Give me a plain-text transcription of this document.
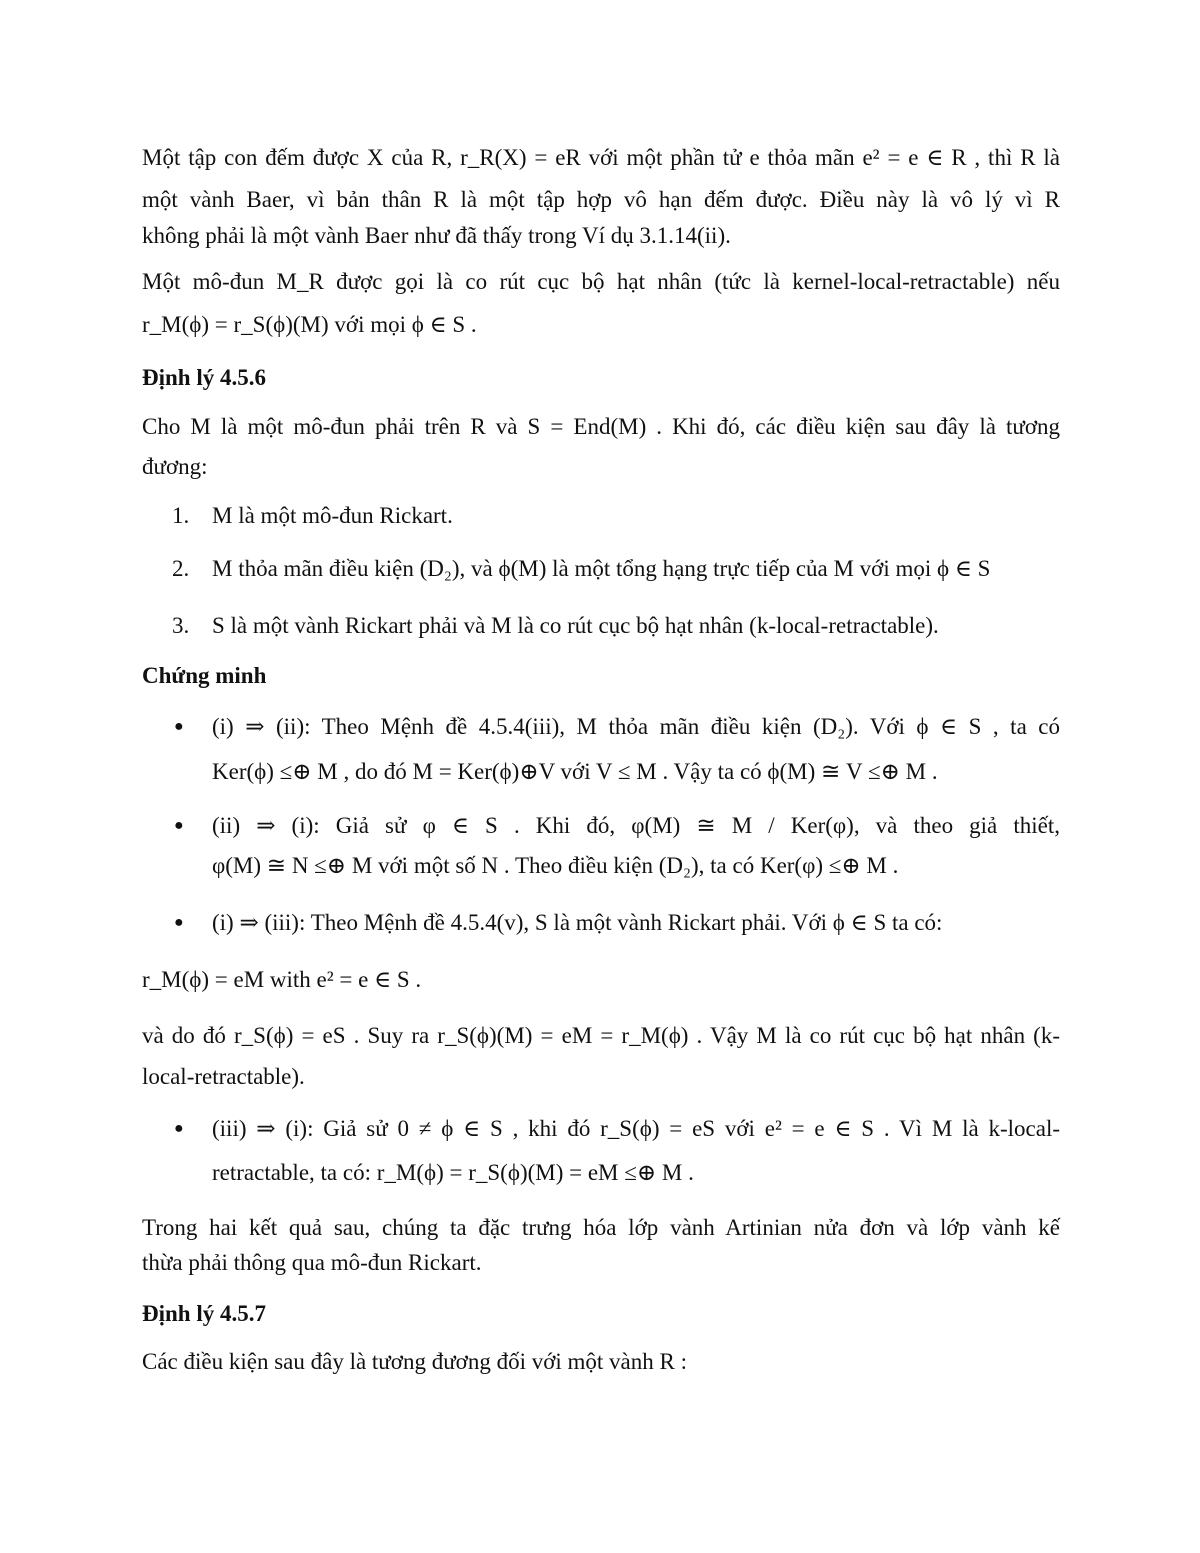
Một tập con đếm được X của R, r_R(X) = eR với một phần tử e thỏa mãn e² = e ∈ R , thì R là
một vành Baer, vì bản thân R là một tập hợp vô hạn đếm được. Điều này là vô lý vì R
không phải là một vành Baer như đã thấy trong Ví dụ 3.1.14(ii).
Một mô-đun M_R được gọi là co rút cục bộ hạt nhân (tức là kernel-local-retractable) nếu
r_M(ϕ) = r_S(ϕ)(M) với mọi ϕ ∈ S .
Định lý 4.5.6
Cho M là một mô-đun phải trên R và S = End(M) . Khi đó, các điều kiện sau đây là tương
đương:
1. M là một mô-đun Rickart.
2. M thỏa mãn điều kiện (D₂), và ϕ(M) là một tổng hạng trực tiếp của M với mọi ϕ ∈ S
3. S là một vành Rickart phải và M là co rút cục bộ hạt nhân (k-local-retractable).
Chứng minh
● (i) ⇒ (ii): Theo Mệnh đề 4.5.4(iii), M thỏa mãn điều kiện (D₂). Với ϕ ∈ S , ta có
Ker(ϕ) ≤⊕ M , do đó M = Ker(ϕ)⊕V với V ≤ M . Vậy ta có ϕ(M) ≅ V ≤⊕ M .
● (ii) ⇒ (i): Giả sử φ ∈ S . Khi đó, φ(M) ≅ M / Ker(φ), và theo giả thiết,
φ(M) ≅ N ≤⊕ M với một số N . Theo điều kiện (D₂), ta có Ker(φ) ≤⊕ M .
● (i) ⇒ (iii): Theo Mệnh đề 4.5.4(v), S là một vành Rickart phải. Với ϕ ∈ S ta có:
r_M(ϕ) = eM with e² = e ∈ S .
và do đó r_S(ϕ) = eS . Suy ra r_S(ϕ)(M) = eM = r_M(ϕ) . Vậy M là co rút cục bộ hạt nhân (k-
local-retractable).
● (iii) ⇒ (i): Giả sử 0 ≠ ϕ ∈ S , khi đó r_S(ϕ) = eS với e² = e ∈ S . Vì M là k-local-
retractable, ta có: r_M(ϕ) = r_S(ϕ)(M) = eM ≤⊕ M .
Trong hai kết quả sau, chúng ta đặc trưng hóa lớp vành Artinian nửa đơn và lớp vành kế
thừa phải thông qua mô-đun Rickart.
Định lý 4.5.7
Các điều kiện sau đây là tương đương đối với một vành R :
